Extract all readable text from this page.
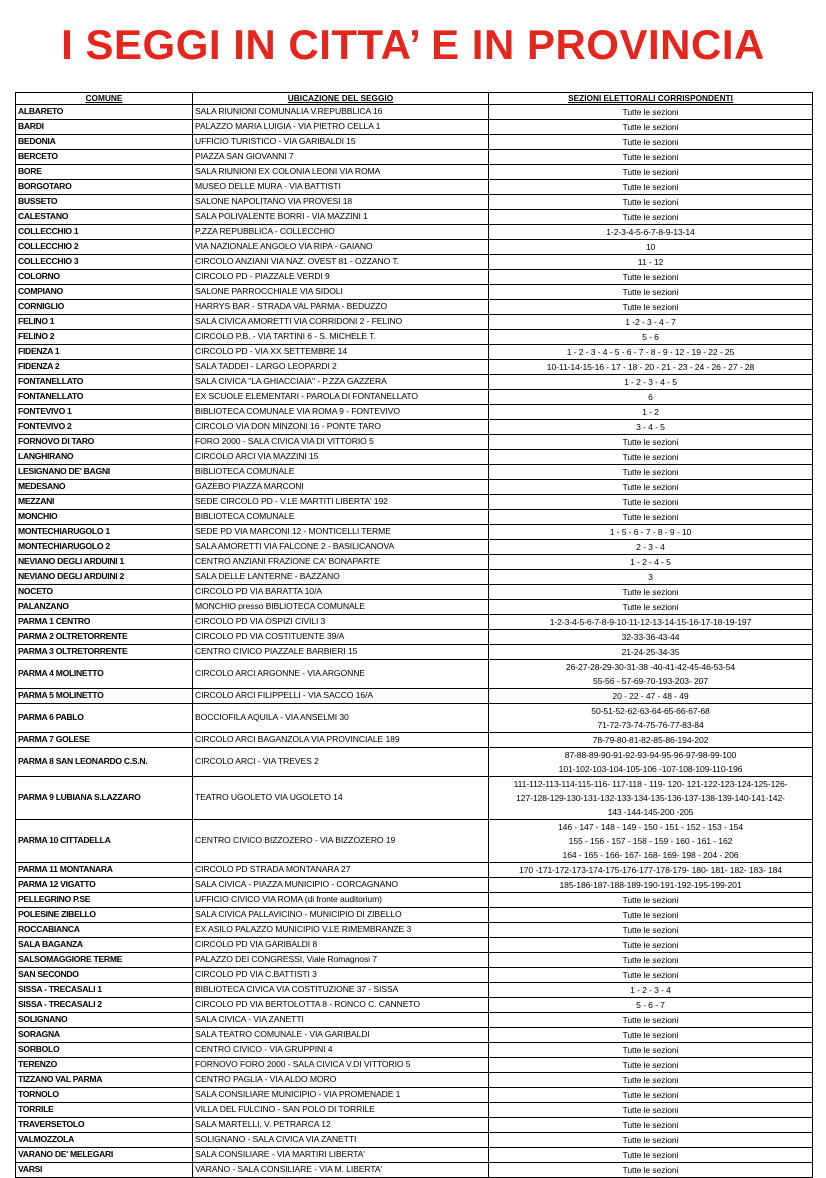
I SEGGI IN CITTA’ E IN PROVINCIA
COMUNE	UBICAZIONE DEL SEGGIO	SEZIONI ELETTORALI CORRISPONDENTI
ALBARETO	SALA RIUNIONI COMUNALIA V.REPUBBLICA 16	Tutte le sezioni

BARDI	PALAZZO MARIA LUIGIA - VIA PIETRO CELLA 1	Tutte le sezioni

BEDONIA	UFFICIO TURISTICO - VIA GARIBALDI 15	Tutte le sezioni

BERCETO	PIAZZA SAN GIOVANNI 7	Tutte le sezioni

BORE	SALA RIUNIONI EX COLONIA LEONI VIA ROMA	Tutte le sezioni

BORGOTARO	MUSEO DELLE MURA - VIA BATTISTI	Tutte le sezioni

BUSSETO	SALONE NAPOLITANO VIA PROVESI 18	Tutte le sezioni

CALESTANO	SALA POLIVALENTE BORRI - VIA MAZZINI 1	Tutte le sezioni

COLLECCHIO 1	P.ZZA REPUBBLICA - COLLECCHIO	1-2-3-4-5-6-7-8-9-13-14

COLLECCHIO 2	VIA NAZIONALE ANGOLO VIA RIPA - GAIANO	10

COLLECCHIO 3	CIRCOLO ANZIANI VIA NAZ. OVEST 81 - OZZANO T.	11 - 12

COLORNO	CIRCOLO PD - PIAZZALE VERDI 9	Tutte le sezioni

COMPIANO	SALONE PARROCCHIALE VIA SIDOLI	Tutte le sezioni

CORNIGLIO	HARRYS BAR - STRADA VAL PARMA - BEDUZZO	Tutte le sezioni

FELINO 1	SALA CIVICA AMORETTI VIA CORRIDONI 2 - FELINO	1 -2 - 3 - 4 - 7

FELINO 2	CIRCOLO P.B. - VIA TARTINI 6 - S. MICHELE T.	5 - 6

FIDENZA 1	CIRCOLO PD - VIA XX SETTEMBRE 14	1 - 2 - 3 - 4 - 5 - 6 - 7 - 8 - 9 - 12 - 19 - 22 - 25

FIDENZA 2	SALA TADDEI - LARGO LEOPARDI 2	10-11-14-15-16 - 17 - 18 - 20 - 21 - 23 - 24 - 26 - 27 - 28

FONTANELLATO	SALA CIVICA "LA GHIACCIAIA" - P.ZZA GAZZERA	1 - 2 - 3 - 4 - 5

FONTANELLATO	EX SCUOLE ELEMENTARI - PAROLA DI FONTANELLATO	6

FONTEVIVO 1	BIBLIOTECA COMUNALE VIA ROMA 9 - FONTEVIVO	1 - 2

FONTEVIVO 2	CIRCOLO VIA DON MINZONI 16 - PONTE TARO	3 - 4 - 5

FORNOVO DI TARO	FORO 2000 - SALA CIVICA VIA DI VITTORIO 5	Tutte le sezioni

LANGHIRANO	CIRCOLO ARCI VIA MAZZINI 15	Tutte le sezioni

LESIGNANO DE' BAGNI	BIBLIOTECA COMUNALE	Tutte le sezioni

MEDESANO	GAZEBO PIAZZA MARCONI	Tutte le sezioni

MEZZANI	SEDE CIRCOLO PD - V.LE MARTITI LIBERTA' 192	Tutte le sezioni

MONCHIO	BIBLIOTECA COMUNALE	Tutte le sezioni

MONTECHIARUGOLO 1	SEDE PD VIA MARCONI 12 - MONTICELLI TERME	1 - 5 - 6 - 7 - 8 - 9 - 10

MONTECHIARUGOLO 2	SALA AMORETTI VIA FALCONE 2 - BASILICANOVA	2 - 3 - 4

NEVIANO DEGLI ARDUINI 1	CENTRO ANZIANI FRAZIONE CA' BONAPARTE	1 - 2 - 4 - 5

NEVIANO DEGLI ARDUINI 2	SALA DELLE LANTERNE - BAZZANO	3

NOCETO	CIRCOLO PD VIA BARATTA 10/A	Tutte le sezioni

PALANZANO	MONCHIO presso BIBLIOTECA COMUNALE	Tutte le sezioni

PARMA 1 CENTRO	CIRCOLO PD VIA OSPIZI CIVILI 3	1-2-3-4-5-6-7-8-9-10-11-12-13-14-15-16-17-18-19-197

PARMA 2 OLTRETORRENTE	CIRCOLO PD VIA COSTITUENTE 39/A	32-33-36-43-44

PARMA 3 OLTRETORRENTE	CENTRO CIVICO PIAZZALE BARBIERI 15	21-24-25-34-35

PARMA 4 MOLINETTO	CIRCOLO ARCI ARGONNE - VIA ARGONNE	26-27-28-29-30-31-38 -40-41-42-45-46-53-54
55-56 - 57-69-70-193-203- 207

PARMA 5 MOLINETTO	CIRCOLO ARCI FILIPPELLI - VIA SACCO 16/A	20 - 22 - 47 - 48 - 49

PARMA 6 PABLO	BOCCIOFILA AQUILA - VIA ANSELMI 30	50-51-52-62-63-64-65-66-67-68
71-72-73-74-75-76-77-83-84

PARMA 7 GOLESE	CIRCOLO ARCI BAGANZOLA VIA PROVINCIALE 189	78-79-80-81-82-85-86-194-202

PARMA 8 SAN LEONARDO C.S.N.	CIRCOLO ARCI - VIA TREVES 2	87-88-89-90-91-92-93-94-95-96-97-98-99-100
101-102-103-104-105-106 -107-108-109-110-196

PARMA 9 LUBIANA S.LAZZARO	TEATRO UGOLETO VIA UGOLETO 14	111-112-113-114-115-116- 117-118 - 119- 120- 121-122-123-124-125-126-
127-128-129-130-131-132-133-134-135-136-137-138-139-140-141-142-
143 -144-145-200 -205

PARMA 10 CITTADELLA	CENTRO CIVICO BIZZOZERO - VIA BIZZOZERO 19	146 - 147 - 148 - 149 - 150 - 151 - 152 - 153 - 154
155 - 156 - 157 - 158 - 159 - 160 - 161 - 162
164 - 165 - 166- 167- 168- 169- 198 - 204 - 206

PARMA 11 MONTANARA	CIRCOLO PD STRADA MONTANARA 27	170 -171-172-173-174-175-176-177-178-179- 180- 181- 182- 183- 184

PARMA 12 VIGATTO	SALA CIVICA - PIAZZA MUNICIPIO - CORCAGNANO	185-186-187-188-189-190-191-192-195-199-201

PELLEGRINO P.SE	UFFICIO CIVICO VIA ROMA (di fronte auditorium)	Tutte le sezioni

POLESINE ZIBELLO	SALA CIVICA PALLAVICINO - MUNICIPIO DI ZIBELLO	Tutte le sezioni

ROCCABIANCA	EX ASILO PALAZZO MUNICIPIO V.LE RIMEMBRANZE 3	Tutte le sezioni

SALA BAGANZA	CIRCOLO PD VIA GARIBALDI 8	Tutte le sezioni

SALSOMAGGIORE TERME	PALAZZO DEI CONGRESSI, Viale Romagnosi 7	Tutte le sezioni

SAN SECONDO	CIRCOLO PD VIA C.BATTISTI 3	Tutte le sezioni

SISSA - TRECASALI 1	BIBLIOTECA CIVICA VIA COSTITUZIONE 37 - SISSA	1 - 2 - 3 - 4

SISSA - TRECASALI 2	CIRCOLO PD VIA BERTOLOTTA 8 - RONCO C. CANNETO	5 - 6 - 7

SOLIGNANO	SALA CIVICA - VIA ZANETTI	Tutte le sezioni

SORAGNA	SALA TEATRO COMUNALE - VIA GARIBALDI	Tutte le sezioni

SORBOLO	CENTRO CIVICO - VIA GRUPPINI 4	Tutte le sezioni

TERENZO	FORNOVO FORO 2000 - SALA CIVICA V.DI VITTORIO 5	Tutte le sezioni

TIZZANO VAL PARMA	CENTRO PAGLIA - VIA ALDO MORO	Tutte le sezioni

TORNOLO	SALA CONSILIARE MUNICIPIO - VIA PROMENADE 1	Tutte le sezioni

TORRILE	VILLA DEL FULCINO - SAN POLO DI TORRILE	Tutte le sezioni

TRAVERSETOLO	SALA MARTELLI, V. PETRARCA 12	Tutte le sezioni

VALMOZZOLA	SOLIGNANO - SALA CIVICA VIA ZANETTI	Tutte le sezioni

VARANO DE' MELEGARI	SALA CONSILIARE - VIA MARTIRI LIBERTA'	Tutte le sezioni

VARSI	VARANO - SALA CONSILIARE - VIA M. LIBERTA'	Tutte le sezioni
